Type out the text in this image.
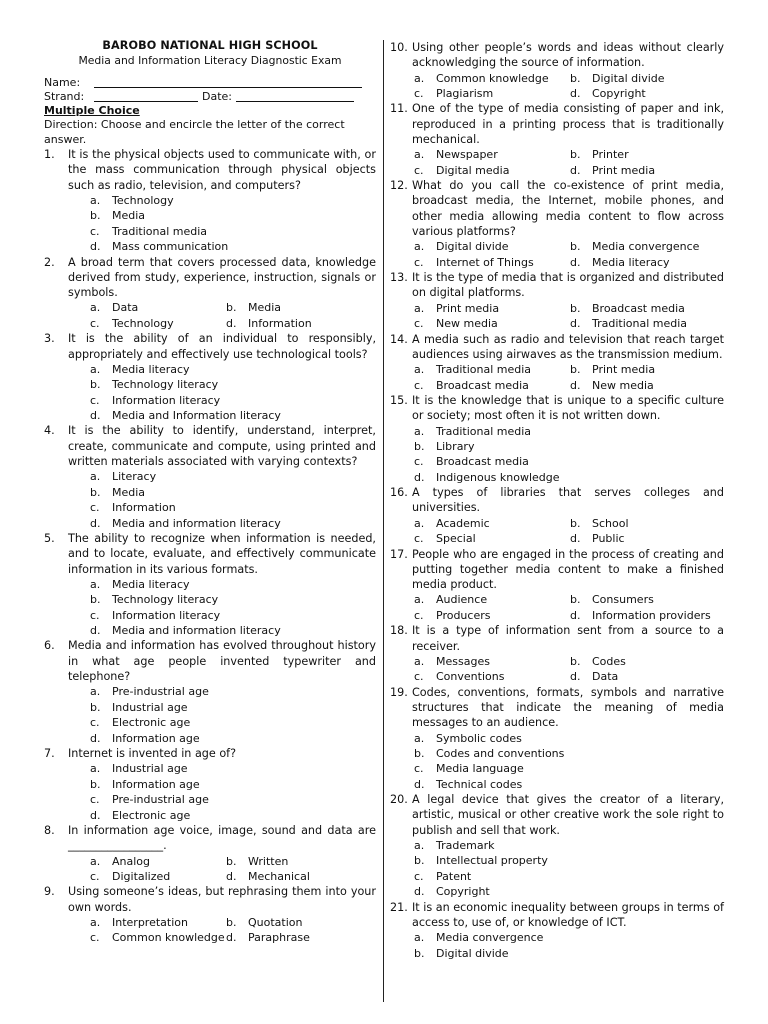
BAROBO NATIONAL HIGH SCHOOL
Media and Information Literacy Diagnostic Exam
Name:
Strand:	Date:
Multiple Choice
Direction: Choose and encircle the letter of the correct answer.
1.	It is the physical objects used to communicate with, or the mass communication through physical objects such as radio, television, and computers?
a.	Technology
b.	Media
c.	Traditional media
d.	Mass communication
2.	A broad term that covers processed data, knowledge derived from study, experience, instruction, signals or symbols.
a.	Data	b.	Media
c.	Technology	d.	Information
3.	It is the ability of an individual to responsibly, appropriately and effectively use technological tools?
a.	Media literacy
b.	Technology literacy
c.	Information literacy
d.	Media and Information literacy
4.	It is the ability to identify, understand, interpret, create, communicate and compute, using printed and written materials associated with varying contexts?
a.	Literacy
b.	Media
c.	Information
d.	Media and information literacy
5.	The ability to recognize when information is needed, and to locate, evaluate, and effectively communicate information in its various formats.
a.	Media literacy
b.	Technology literacy
c.	Information literacy
d.	Media and information literacy
6.	Media and information has evolved throughout history in what age people invented typewriter and telephone?
a.	Pre-industrial age
b.	Industrial age
c.	Electronic age
d.	Information age
7.	Internet is invented in age of?
a.	Industrial age
b.	Information age
c.	Pre-industrial age
d.	Electronic age
8.	In information age voice, image, sound and data are _________________.
a.	Analog	b.	Written
c.	Digitalized	d.	Mechanical
9.	Using someone’s ideas, but rephrasing them into your own words.
a.	Interpretation	b.	Quotation
c.	Common knowledge d.	Paraphrase
10. Using other people’s words and ideas without clearly acknowledging the source of information.
a.	Common knowledge b.	Digital divide
c.	Plagiarism	d.	Copyright
11. One of the type of media consisting of paper and ink, reproduced in a printing process that is traditionally mechanical.
a.	Newspaper	b.	Printer
c.	Digital media	d.	Print media
12. What do you call the co-existence of print media, broadcast media, the Internet, mobile phones, and other media allowing media content to flow across various platforms?
a.	Digital divide	b.	Media convergence
c.	Internet of Things	d.	Media literacy
13. It is the type of media that is organized and distributed on digital platforms.
a.	Print media	b.	Broadcast media
c.	New media	d.	Traditional media
14. A media such as radio and television that reach target audiences using airwaves as the transmission medium.
a.	Traditional media	b.	Print media
c.	Broadcast media	d.	New media
15. It is the knowledge that is unique to a specific culture or society; most often it is not written down.
a.	Traditional media
b.	Library
c.	Broadcast media
d.	Indigenous knowledge
16. A types of libraries that serves colleges and universities.
a.	Academic	b.	School
c.	Special	d.	Public
17. People who are engaged in the process of creating and putting together media content to make a finished media product.
a.	Audience	b.	Consumers
c.	Producers	d.	Information providers
18. It is a type of information sent from a source to a receiver.
a.	Messages	b.	Codes
c.	Conventions	d.	Data
19. Codes, conventions, formats, symbols and narrative structures that indicate the meaning of media messages to an audience.
a.	Symbolic codes
b.	Codes and conventions
c.	Media language
d.	Technical codes
20. A legal device that gives the creator of a literary, artistic, musical or other creative work the sole right to publish and sell that work.
a.	Trademark
b.	Intellectual property
c.	Patent
d.	Copyright
21. It is an economic inequality between groups in terms of access to, use of, or knowledge of ICT.
a.	Media convergence
b.	Digital divide
